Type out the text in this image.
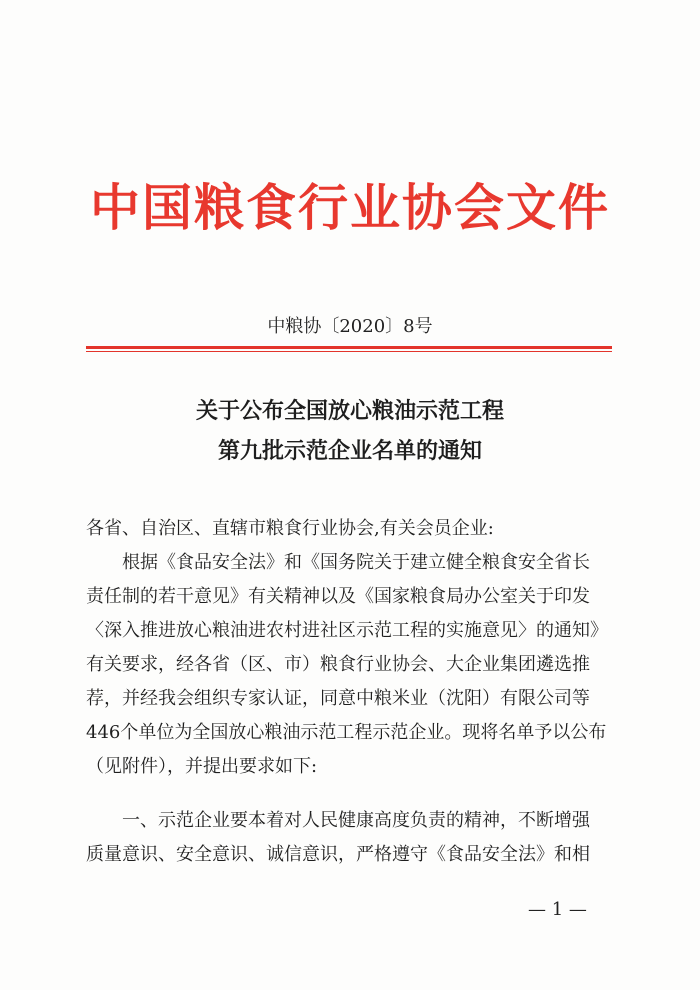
中国粮食行业协会文件
中粮协〔2020〕8号
关于公布全国放心粮油示范工程
第九批示范企业名单的通知
各省、自治区、直辖市粮食行业协会,有关会员企业:
根据《食品安全法》和《国务院关于建立健全粮食安全省长
责任制的若干意见》有关精神以及《国家粮食局办公室关于印发
〈深入推进放心粮油进农村进社区示范工程的实施意见〉的通知》
有关要求，经各省（区、市）粮食行业协会、大企业集团遴选推
荐，并经我会组织专家认证，同意中粮米业（沈阳）有限公司等
446个单位为全国放心粮油示范工程示范企业。现将名单予以公布
（见附件），并提出要求如下:
一、示范企业要本着对人民健康高度负责的精神，不断增强
质量意识、安全意识、诚信意识，严格遵守《食品安全法》和相
— 1 —
